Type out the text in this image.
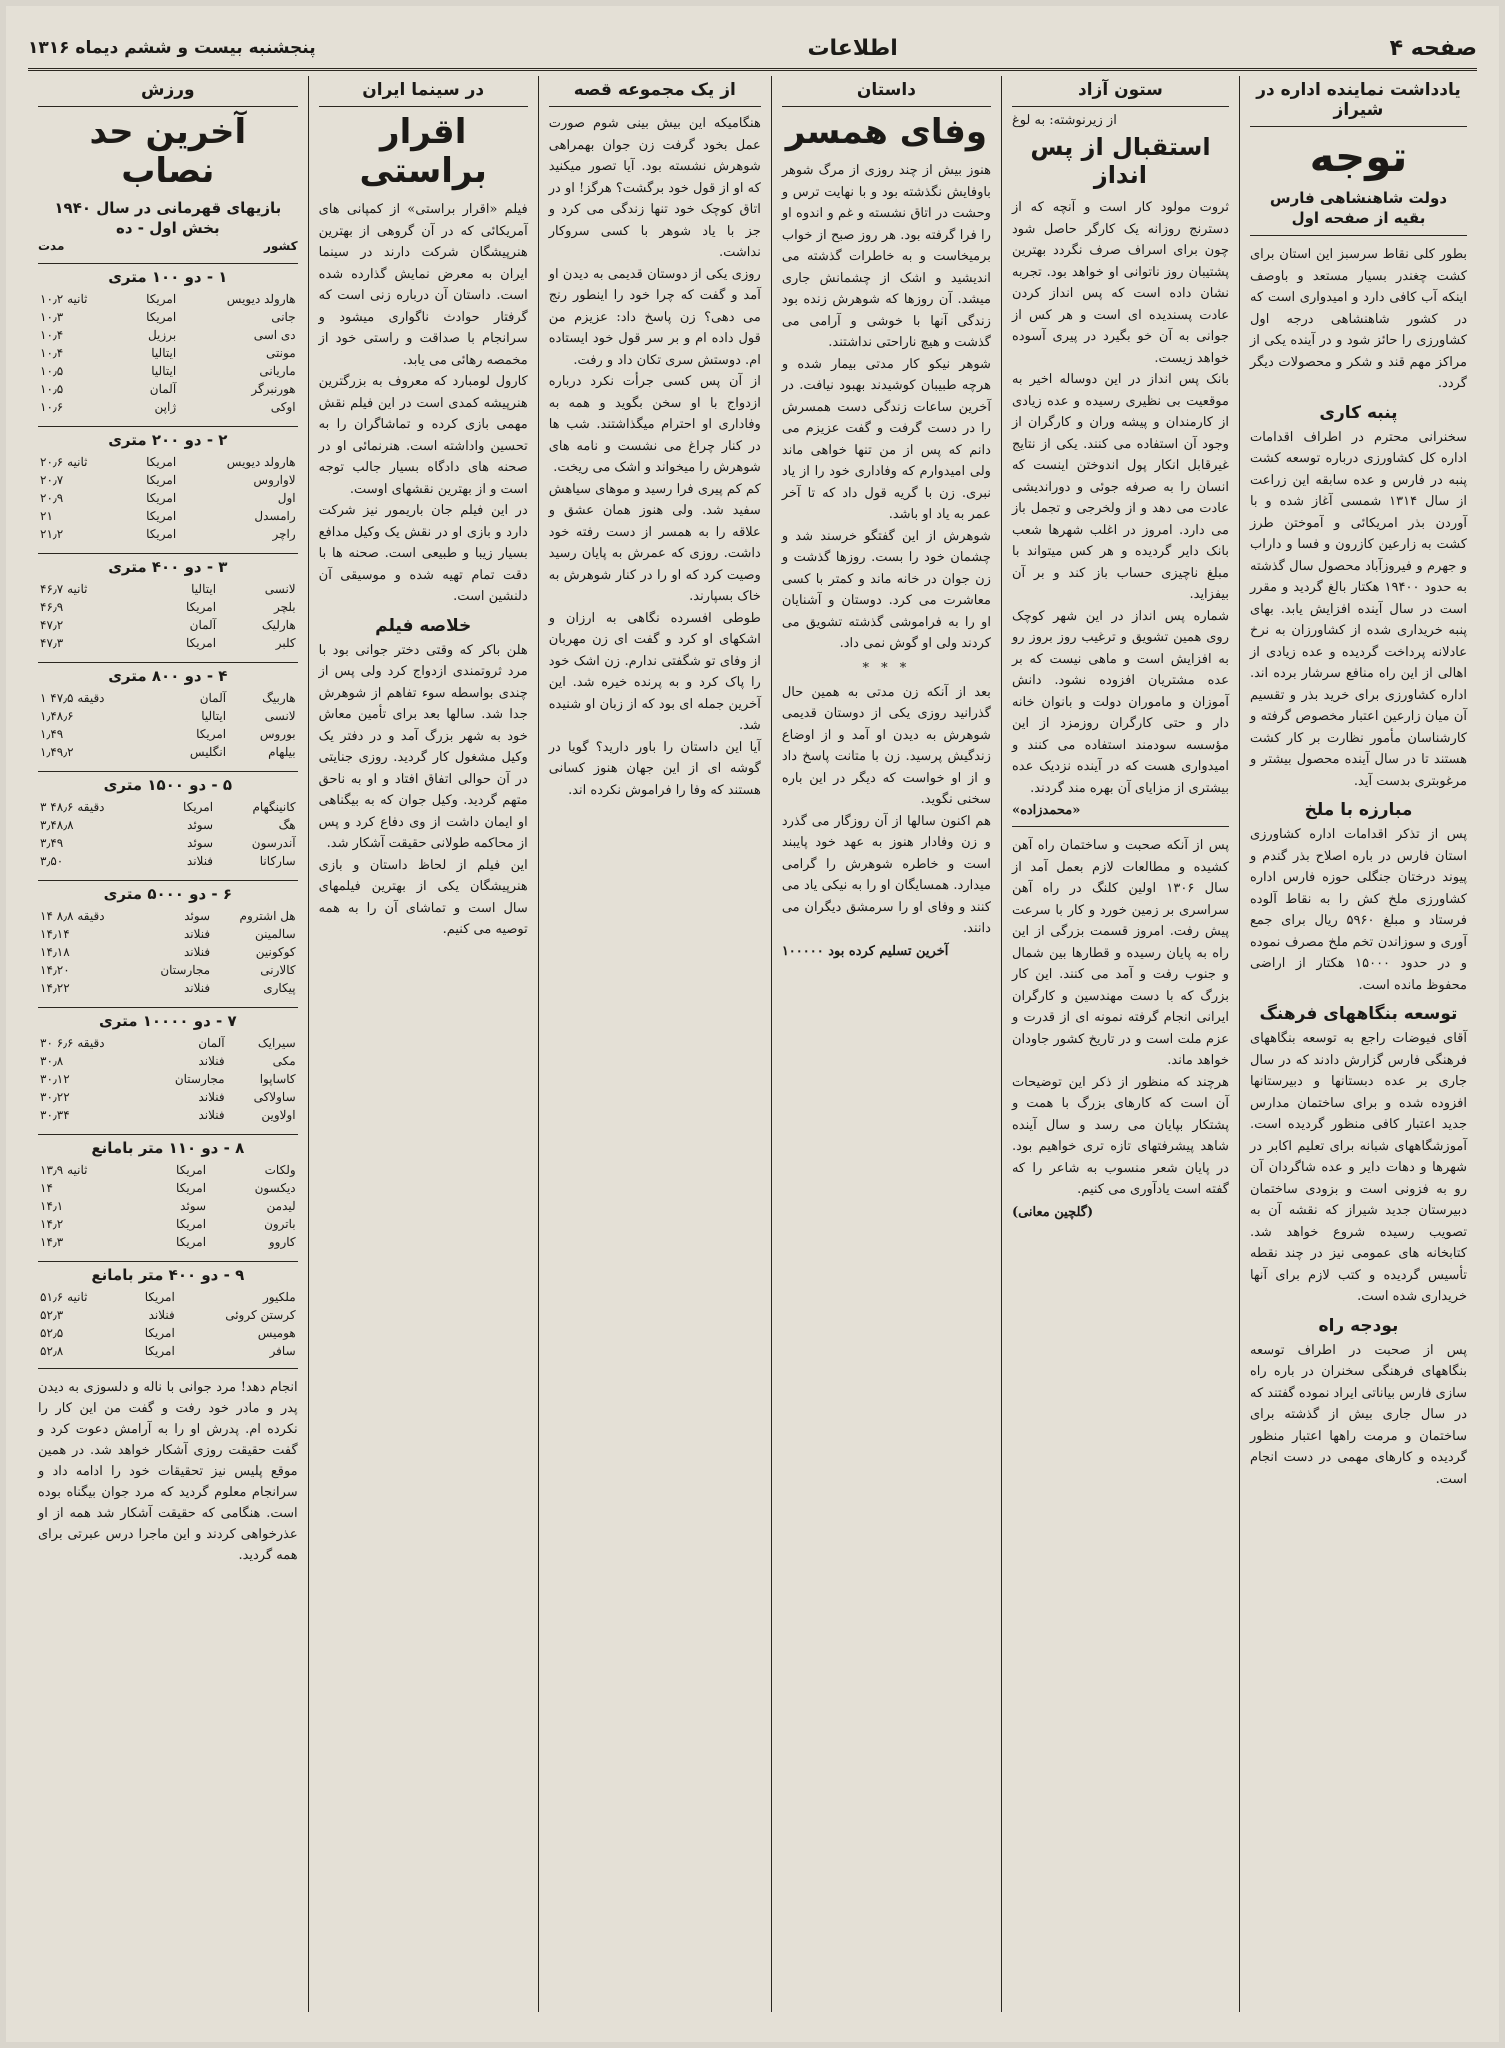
صفحه ۴
اطلاعات
پنجشنبه بیست و ششم دیماه ۱۳۱۶
یادداشت نماینده اداره در شیراز
توجه
دولت شاهنشاهی فارس
بقیه از صفحه اول
بطور کلی نقاط سرسبز این استان برای کشت چغندر بسیار مستعد و باوصف اینکه آب کافی دارد و امیدواری است که در کشور شاهنشاهی درجه اول کشاورزی را حائز شود و در آینده یکی از مراکز مهم قند و شکر و محصولات دیگر گردد.
پنبه کاری
سخنرانی محترم در اطراف اقدامات اداره کل کشاورزی درباره توسعه کشت پنبه در فارس و عده سابقه این زراعت از سال ۱۳۱۴ شمسی آغاز شده و با آوردن بذر امریکائی و آموختن طرز کشت به زارعین کازرون و فسا و داراب و جهرم و فیروزآباد محصول سال گذشته به حدود ۱۹۴۰۰ هکتار بالغ گردید و مقرر است در سال آینده افزایش یابد. بهای پنبه خریداری شده از کشاورزان به نرخ عادلانه پرداخت گردیده و عده زیادی از اهالی از این راه منافع سرشار برده اند. اداره کشاورزی برای خرید بذر و تقسیم آن میان زارعین اعتبار مخصوص گرفته و کارشناسان مأمور نظارت بر کار کشت هستند تا در سال آینده محصول بیشتر و مرغوبتری بدست آید.
مبارزه با ملخ
پس از تذکر اقدامات اداره کشاورزی استان فارس در باره اصلاح بذر گندم و پیوند درختان جنگلی حوزه فارس اداره کشاورزی ملخ کش را به نقاط آلوده فرستاد و مبلغ ۵۹۶۰ ریال برای جمع آوری و سوزاندن تخم ملخ مصرف نموده و در حدود ۱۵۰۰۰ هکتار از اراضی محفوظ مانده است.
توسعه بنگاههای فرهنگ
آقای فیوضات راجع به توسعه بنگاههای فرهنگی فارس گزارش دادند که در سال جاری بر عده دبستانها و دبیرستانها افزوده شده و برای ساختمان مدارس جدید اعتبار کافی منظور گردیده است. آموزشگاههای شبانه برای تعلیم اکابر در شهرها و دهات دایر و عده شاگردان آن رو به فزونی است و بزودی ساختمان دبیرستان جدید شیراز که نقشه آن به تصویب رسیده شروع خواهد شد. کتابخانه های عمومی نیز در چند نقطه تأسیس گردیده و کتب لازم برای آنها خریداری شده است.
بودجه راه
پس از صحبت در اطراف توسعه بنگاههای فرهنگی سخنران در باره راه سازی فارس بیاناتی ایراد نموده گفتند که در سال جاری بیش از گذشته برای ساختمان و مرمت راهها اعتبار منظور گردیده و کارهای مهمی در دست انجام است.
ستون آزاد
از زیرنوشته: به لوغ
استقبال از پس انداز
ثروت مولود کار است و آنچه که از دسترنج روزانه یک کارگر حاصل شود چون برای اسراف صرف نگردد بهترین پشتیبان روز ناتوانی او خواهد بود. تجربه نشان داده است که پس انداز کردن عادت پسندیده ای است و هر کس از جوانی به آن خو بگیرد در پیری آسوده خواهد زیست.
بانک پس انداز در این دوساله اخیر به موقعیت بی نظیری رسیده و عده زیادی از کارمندان و پیشه وران و کارگران از وجود آن استفاده می کنند. یکی از نتایج غیرقابل انکار پول اندوختن اینست که انسان را به صرفه جوئی و دوراندیشی عادت می دهد و از ولخرجی و تجمل باز می دارد. امروز در اغلب شهرها شعب بانک دایر گردیده و هر کس میتواند با مبلغ ناچیزی حساب باز کند و بر آن بیفزاید.
شماره پس انداز در این شهر کوچک روی همین تشویق و ترغیب روز بروز رو به افزایش است و ماهی نیست که بر عده مشتریان افزوده نشود. دانش آموزان و ماموران دولت و بانوان خانه دار و حتی کارگران روزمزد از این مؤسسه سودمند استفاده می کنند و امیدواری هست که در آینده نزدیک عده بیشتری از مزایای آن بهره مند گردند.
«محمدزاده»
پس از آنکه صحبت و ساختمان راه آهن کشیده و مطالعات لازم بعمل آمد از سال ۱۳۰۶ اولین کلنگ در راه آهن سراسری بر زمین خورد و کار با سرعت پیش رفت. امروز قسمت بزرگی از این راه به پایان رسیده و قطارها بین شمال و جنوب رفت و آمد می کنند. این کار بزرگ که با دست مهندسین و کارگران ایرانی انجام گرفته نمونه ای از قدرت و عزم ملت است و در تاریخ کشور جاودان خواهد ماند.
هرچند که منظور از ذکر این توضیحات آن است که کارهای بزرگ با همت و پشتکار بپایان می رسد و سال آینده شاهد پیشرفتهای تازه تری خواهیم بود. در پایان شعر منسوب به شاعر را که گفته است یادآوری می کنیم.
(گلچین معانی)
داستان
وفای همسر
هنوز بیش از چند روزی از مرگ شوهر باوفایش نگذشته بود و با نهایت ترس و وحشت در اتاق نشسته و غم و اندوه او را فرا گرفته بود. هر روز صبح از خواب برمیخاست و به خاطرات گذشته می اندیشید و اشک از چشمانش جاری میشد. آن روزها که شوهرش زنده بود زندگی آنها با خوشی و آرامی می گذشت و هیچ ناراحتی نداشتند.
شوهر نیکو کار مدتی بیمار شده و هرچه طبیبان کوشیدند بهبود نیافت. در آخرین ساعات زندگی دست همسرش را در دست گرفت و گفت عزیزم می دانم که پس از من تنها خواهی ماند ولی امیدوارم که وفاداری خود را از یاد نبری. زن با گریه قول داد که تا آخر عمر به یاد او باشد.
شوهرش از این گفتگو خرسند شد و چشمان خود را بست. روزها گذشت و زن جوان در خانه ماند و کمتر با کسی معاشرت می کرد. دوستان و آشنایان او را به فراموشی گذشته تشویق می کردند ولی او گوش نمی داد.
* * *
بعد از آنکه زن مدتی به همین حال گذرانید روزی یکی از دوستان قدیمی شوهرش به دیدن او آمد و از اوضاع زندگیش پرسید. زن با متانت پاسخ داد و از او خواست که دیگر در این باره سخنی نگوید.
هم اکنون سالها از آن روزگار می گذرد و زن وفادار هنوز به عهد خود پایبند است و خاطره شوهرش را گرامی میدارد. همسایگان او را به نیکی یاد می کنند و وفای او را سرمشق دیگران می دانند.
آخرین تسلیم کرده بود ۱۰۰۰۰۰
از یک مجموعه قصه
هنگامیکه این بیش بینی شوم صورت عمل بخود گرفت زن جوان بهمراهی شوهرش نشسته بود. آیا تصور میکنید که او از قول خود برگشت؟ هرگز! او در اتاق کوچک خود تنها زندگی می کرد و جز با یاد شوهر با کسی سروکار نداشت.
روزی یکی از دوستان قدیمی به دیدن او آمد و گفت که چرا خود را اینطور رنج می دهی؟ زن پاسخ داد: عزیزم من قول داده ام و بر سر قول خود ایستاده ام. دوستش سری تکان داد و رفت.
از آن پس کسی جرأت نکرد درباره ازدواج با او سخن بگوید و همه به وفاداری او احترام میگذاشتند. شب ها در کنار چراغ می نشست و نامه های شوهرش را میخواند و اشک می ریخت.
کم کم پیری فرا رسید و موهای سیاهش سفید شد. ولی هنوز همان عشق و علاقه را به همسر از دست رفته خود داشت. روزی که عمرش به پایان رسید وصیت کرد که او را در کنار شوهرش به خاک بسپارند.
طوطی افسرده نگاهی به ارزان و اشکهای او کرد و گفت ای زن مهربان از وفای تو شگفتی ندارم. زن اشک خود را پاک کرد و به پرنده خیره شد. این آخرین جمله ای بود که از زبان او شنیده شد.
آیا این داستان را باور دارید؟ گویا در گوشه ای از این جهان هنوز کسانی هستند که وفا را فراموش نکرده اند.
در سینما ایران
اقرار براستی
فیلم «اقرار براستی» از کمپانی های آمریکائی که در آن گروهی از بهترین هنرپیشگان شرکت دارند در سینما ایران به معرض نمایش گذارده شده است. داستان آن درباره زنی است که گرفتار حوادث ناگواری میشود و سرانجام با صداقت و راستی خود از مخمصه رهائی می یابد.
کارول لومبارد که معروف به بزرگترین هنرپیشه کمدی است در این فیلم نقش مهمی بازی کرده و تماشاگران را به تحسین واداشته است. هنرنمائی او در صحنه های دادگاه بسیار جالب توجه است و از بهترین نقشهای اوست.
در این فیلم جان باریمور نیز شرکت دارد و بازی او در نقش یک وکیل مدافع بسیار زیبا و طبیعی است. صحنه ها با دقت تمام تهیه شده و موسیقی آن دلنشین است.
خلاصه فیلم
هلن باکر که وقتی دختر جوانی بود با مرد ثروتمندی ازدواج کرد ولی پس از چندی بواسطه سوء تفاهم از شوهرش جدا شد. سالها بعد برای تأمین معاش خود به شهر بزرگ آمد و در دفتر یک وکیل مشغول کار گردید. روزی جنایتی در آن حوالی اتفاق افتاد و او به ناحق متهم گردید. وکیل جوان که به بیگناهی او ایمان داشت از وی دفاع کرد و پس از محاکمه طولانی حقیقت آشکار شد.
این فیلم از لحاظ داستان و بازی هنرپیشگان یکی از بهترین فیلمهای سال است و تماشای آن را به همه توصیه می کنیم.
ورزش
آخرین حد نصاب
بازیهای قهرمانی در سال ۱۹۴۰
بخش اول - ده
کشور
مدت
۱ - دو ۱۰۰ متری
هارولد دیویس	امریکا	۱۰٫۲ ثانیه
جانی	امریکا	۱۰٫۳
دی اسی	برزیل	۱۰٫۴
مونتی	ایتالیا	۱۰٫۴
ماریانی	ایتالیا	۱۰٫۵
هورنبرگر	آلمان	۱۰٫۵
اوکی	ژاپن	۱۰٫۶
۲ - دو ۲۰۰ متری
هارولد دیویس	امریکا	۲۰٫۶ ثانیه
لاواروس	امریکا	۲۰٫۷
اول	امریکا	۲۰٫۹
رامسدل	امریکا	۲۱
راچر	امریکا	۲۱٫۲
۳ - دو ۴۰۰ متری
لانسی	ایتالیا	۴۶٫۷ ثانیه
بلچر	امریکا	۴۶٫۹
هارلیک	آلمان	۴۷٫۲
کلبر	امریکا	۴۷٫۳
۴ - دو ۸۰۰ متری
هاربیگ	آلمان	۱ دقیقه ۴۷٫۵
لانسی	ایتالیا	۱٫۴۸٫۶
بوروس	امریکا	۱٫۴۹
بیلهام	انگلیس	۱٫۴۹٫۲
۵ - دو ۱۵۰۰ متری
کانینگهام	امریکا	۳ دقیقه ۴۸٫۶
هگ	سوئد	۳٫۴۸٫۸
آندرسون	سوئد	۳٫۴۹
سارکانا	فنلاند	۳٫۵۰
۶ - دو ۵۰۰۰ متری
هل اشتروم	سوئد	۱۴ دقیقه ۸٫۸
سالمینن	فنلاند	۱۴٫۱۴
کوکونین	فنلاند	۱۴٫۱۸
کالارنی	مجارستان	۱۴٫۲۰
پیکاری	فنلاند	۱۴٫۲۲
۷ - دو ۱۰۰۰۰ متری
سیرایک	آلمان	۳۰ دقیقه ۶٫۶
مکی	فنلاند	۳۰٫۸
کاساپوا	مجارستان	۳۰٫۱۲
ساولاکی	فنلاند	۳۰٫۲۲
اولاوین	فنلاند	۳۰٫۳۴
۸ - دو ۱۱۰ متر بامانع
ولکات	امریکا	۱۳٫۹ ثانیه
دیکسون	امریکا	۱۴
لیدمن	سوئد	۱۴٫۱
باترون	امریکا	۱۴٫۲
کاروو	امریکا	۱۴٫۳
۹ - دو ۴۰۰ متر بامانع
ملکیور	امریکا	۵۱٫۶ ثانیه
کرستن کروئی	فنلاند	۵۲٫۳
هومیس	امریکا	۵۲٫۵
سافر	امریکا	۵۲٫۸
انجام دهد! مرد جوانی با ناله و دلسوزی به دیدن پدر و مادر خود رفت و گفت من این کار را نکرده ام. پدرش او را به آرامش دعوت کرد و گفت حقیقت روزی آشکار خواهد شد. در همین موقع پلیس نیز تحقیقات خود را ادامه داد و سرانجام معلوم گردید که مرد جوان بیگناه بوده است. هنگامی که حقیقت آشکار شد همه از او عذرخواهی کردند و این ماجرا درس عبرتی برای همه گردید.
